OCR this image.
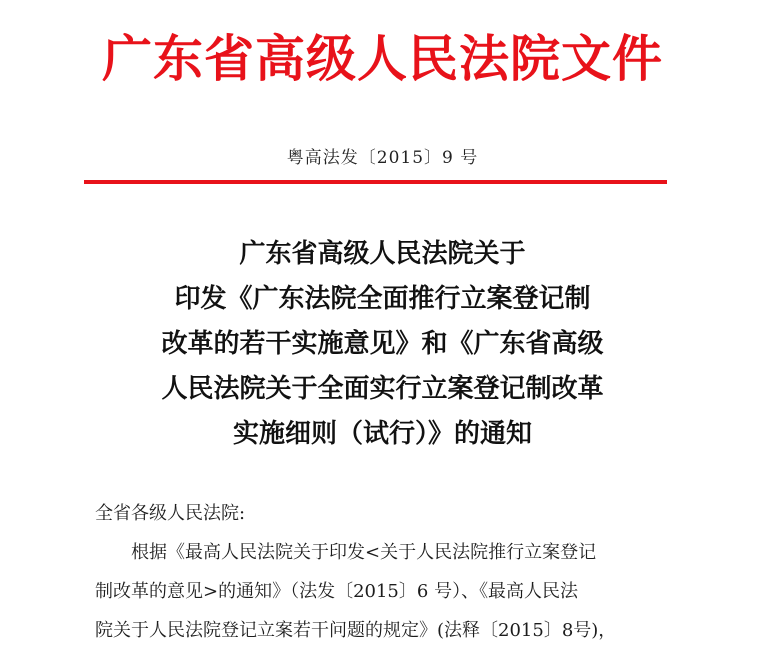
广东省高级人民法院文件
粤高法发〔2015〕9 号
广东省高级人民法院关于
印发《广东法院全面推行立案登记制
改革的若干实施意见》和《广东省高级
人民法院关于全面实行立案登记制改革
实施细则（试行）》的通知
全省各级人民法院:
根据《最高人民法院关于印发<关于人民法院推行立案登记
制改革的意见>的通知》（法发〔2015〕6 号）、《最高人民法
院关于人民法院登记立案若干问题的规定》(法释〔2015〕8号)，
